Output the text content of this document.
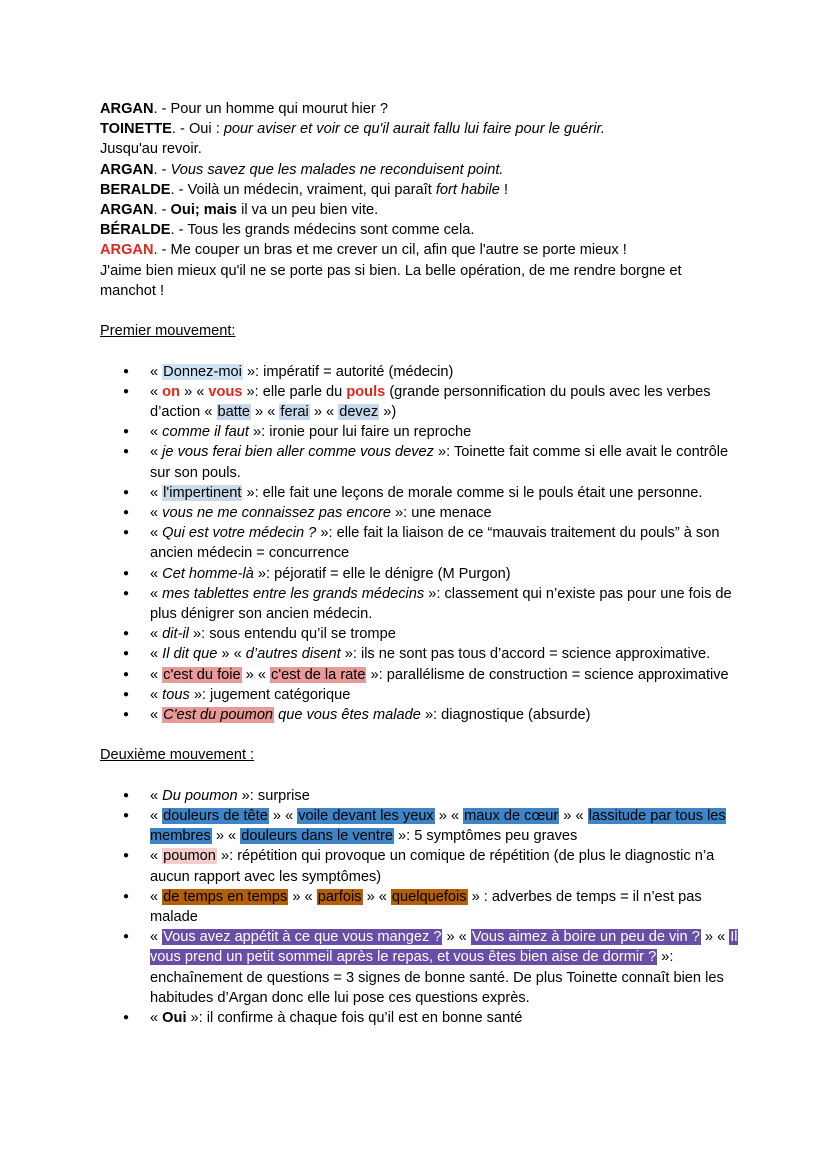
ARGAN. - Pour un homme qui mourut hier ?

TOINETTE. - Oui : pour aviser et voir ce qu'il aurait fallu lui faire pour le guérir.

Jusqu'au revoir.

ARGAN. - Vous savez que les malades ne reconduisent point.

BERALDE. - Voilà un médecin, vraiment, qui paraît fort habile !

ARGAN. - Oui; mais il va un peu bien vite.

BÉRALDE. - Tous les grands médecins sont comme cela.

ARGAN. - Me couper un bras et me crever un cil, afin que l'autre se porte mieux !

J'aime bien mieux qu'il ne se porte pas si bien. La belle opération, de me rendre borgne et manchot !

Premier mouvement:

● « Donnez-moi »: impératif = autorité (médecin)
● « on » « vous »: elle parle du pouls (grande personnification du pouls avec les verbes d’action « batte » « ferai » « devez »)
● « comme il faut »: ironie pour lui faire un reproche
● « je vous ferai bien aller comme vous devez »: Toinette fait comme si elle avait le contrôle sur son pouls.
● « l'impertinent »: elle fait une leçons de morale comme si le pouls était une personne.
● « vous ne me connaissez pas encore »: une menace
● « Qui est votre médecin ? »: elle fait la liaison de ce “mauvais traitement du pouls” à son ancien médecin = concurrence
● « Cet homme-là »: péjoratif = elle le dénigre (M Purgon)
● « mes tablettes entre les grands médecins »: classement qui n’existe pas pour une fois de plus dénigrer son ancien médecin.
● « dit-il »: sous entendu qu’il se trompe
● « Il dit que » « d’autres disent »: ils ne sont pas tous d’accord = science approximative.
● « c'est du foie » « c'est de la rate »: parallélisme de construction = science approximative
● « tous »: jugement catégorique
● « C'est du poumon que vous êtes malade »: diagnostique (absurde)

Deuxième mouvement :

● « Du poumon »: surprise
● « douleurs de tête » « voile devant les yeux » « maux de cœur » « lassitude par tous les membres » « douleurs dans le ventre »: 5 symptômes peu graves
● « poumon »: répétition qui provoque un comique de répétition (de plus le diagnostic n’a aucun rapport avec les symptômes)
● « de temps en temps » « parfois » « quelquefois » : adverbes de temps = il n’est pas malade
● « Vous avez appétit à ce que vous mangez ? » « Vous aimez à boire un peu de vin ? » « Il vous prend un petit sommeil après le repas, et vous êtes bien aise de dormir ? »: enchaînement de questions = 3 signes de bonne santé. De plus Toinette connaît bien les habitudes d’Argan donc elle lui pose ces questions exprès.
● « Oui »: il confirme à chaque fois qu’il est en bonne santé
